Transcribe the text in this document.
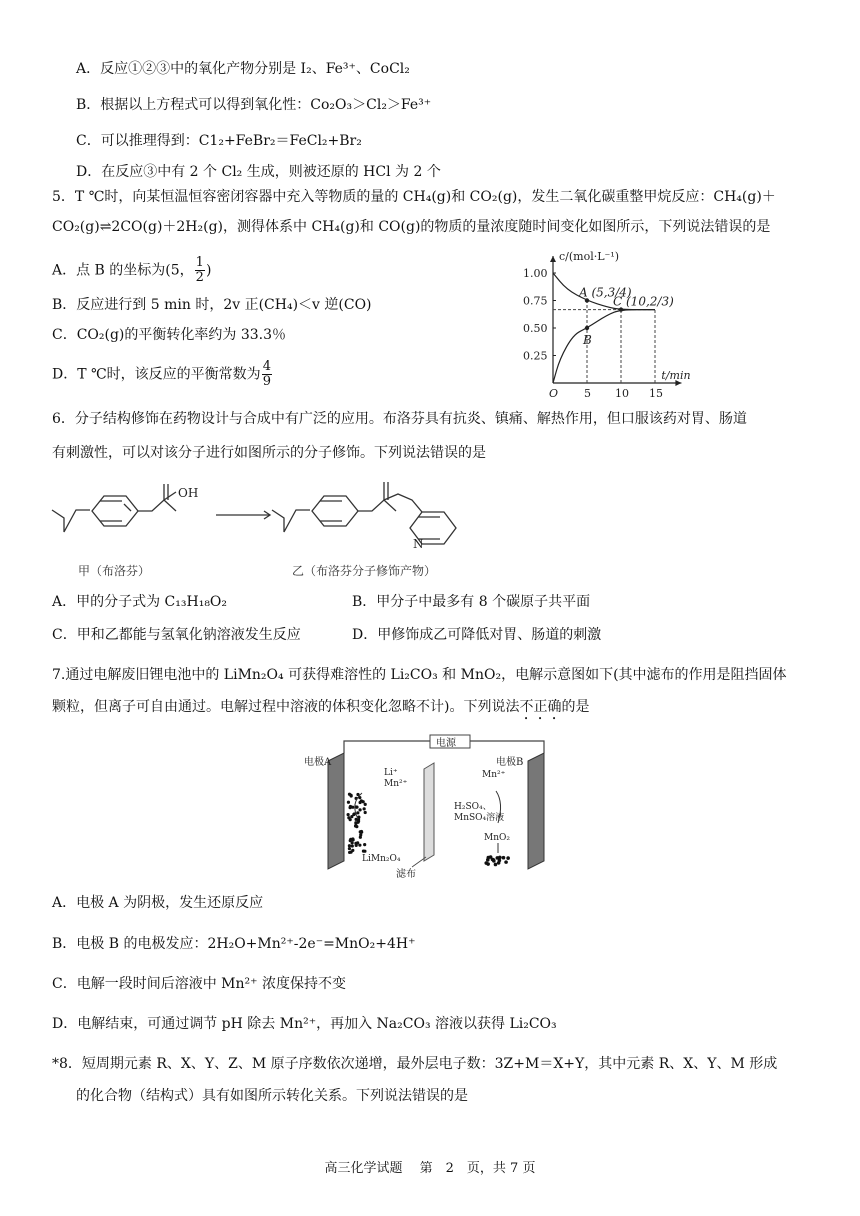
A．反应①②③中的氧化产物分别是 I₂、Fe³⁺、CoCl₂
B．根据以上方程式可以得到氧化性：Co₂O₃＞Cl₂＞Fe³⁺
C．可以推理得到：C1₂+FeBr₂＝FeCl₂+Br₂
D．在反应③中有 2 个 Cl₂ 生成，则被还原的 HCl 为 2 个
5．T ℃时，向某恒温恒容密闭容器中充入等物质的量的 CH₄(g)和 CO₂(g)，发生二氧化碳重整甲烷反应：CH₄(g)＋
CO₂(g)⇌2CO(g)＋2H₂(g)，测得体系中 CH₄(g)和 CO(g)的物质的量浓度随时间变化如图所示，下列说法错误的是
A．点 B 的坐标为(5， $\frac{1}{2}$ )
B．反应进行到 5 min 时，2v 正(CH₄)＜v 逆(CO)
C．CO₂(g)的平衡转化率约为 33.3％
D．T ℃时，该反应的平衡常数为 $\frac{4}{9}$
0.25
0.50
0.75
1.00
O 5 10 15
A (5,3/4)
B
C (10,2/3)
c/(mol·L⁻¹)
t/min
6．分子结构修饰在药物设计与合成中有广泛的应用。布洛芬具有抗炎、镇痛、解热作用，但口服该药对胃、肠道
有刺激性，可以对该分子进行如图所示的分子修饰。下列说法错误的是
OH
N
甲（布洛芬）	乙（布洛芬分子修饰产物）
A．甲的分子式为 C₁₃H₁₈O₂	B．甲分子中最多有 8 个碳原子共平面
C．甲和乙都能与氢氧化钠溶液发生反应	D．甲修饰成乙可降低对胃、肠道的刺激
7.通过电解废旧锂电池中的 LiMn₂O₄ 可获得难溶性的 Li₂CO₃ 和 MnO₂，电解示意图如下(其中滤布的作用是阻挡固体
颗粒，但离子可自由通过。电解过程中溶液的体积变化忽略不计)。下列说法不正确的是
电源
电极A
滤布
电极B
Li⁺
Mn²⁺
Mn²⁺
H₂SO₄、
MnSO₄溶液
MnO₂
LiMn₂O₄
A．电极 A 为阴极，发生还原反应
B．电极 B 的电极发应：2H₂O+Mn²⁺-2e⁻=MnO₂+4H⁺
C．电解一段时间后溶液中 Mn²⁺ 浓度保持不变
D．电解结束，可通过调节 pH 除去 Mn²⁺，再加入 Na₂CO₃ 溶液以获得 Li₂CO₃
*8．短周期元素 R、X、Y、Z、M 原子序数依次递增，最外层电子数：3Z+M＝X+Y，其中元素 R、X、Y、M 形成
的化合物（结构式）具有如图所示转化关系。下列说法错误的是
高三化学试题　 第　2　页，共 7 页
